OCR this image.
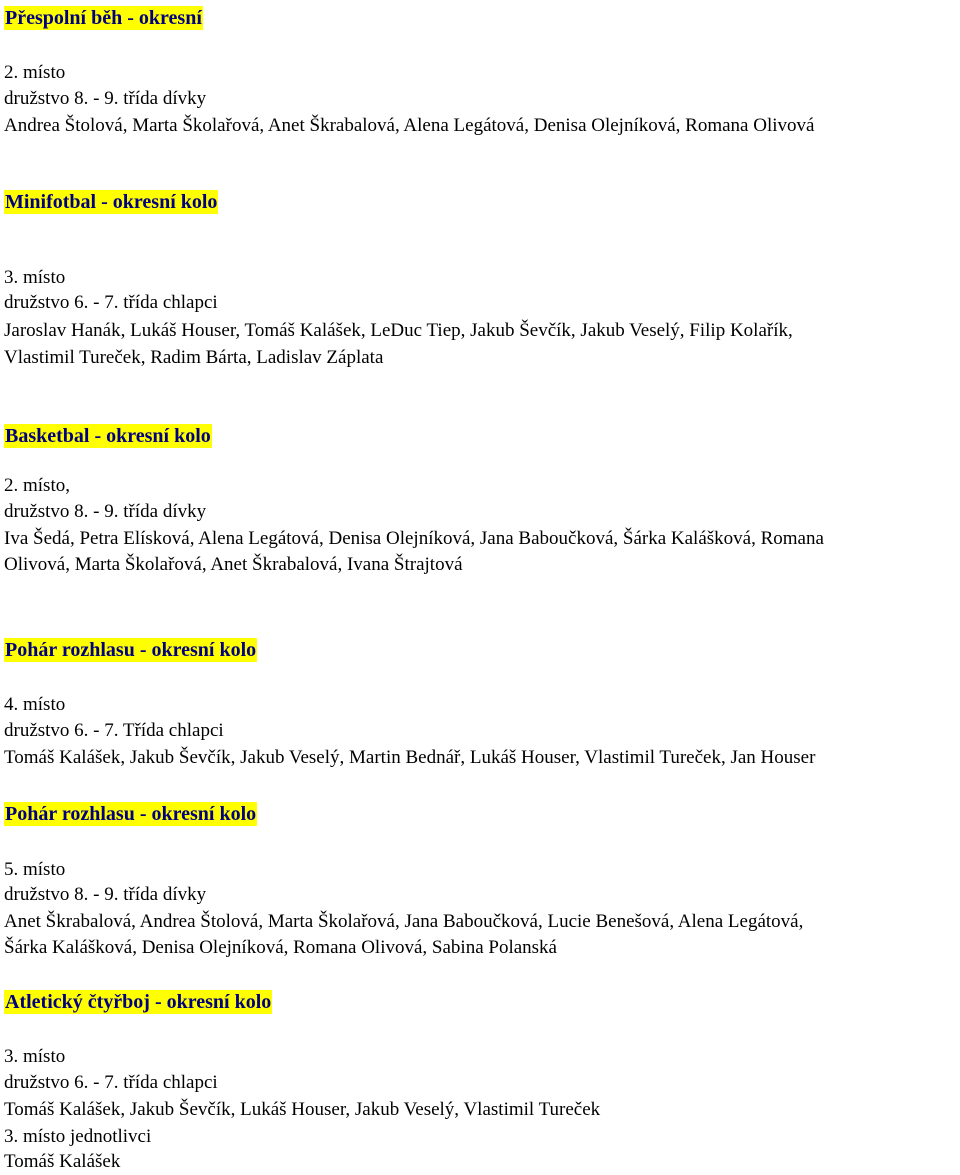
Přespolní běh - okresní
2. místo
družstvo 8. - 9. třída dívky
Andrea Štolová, Marta Školařová, Anet Škrabalová, Alena Legátová, Denisa Olejníková, Romana Olivová
Minifotbal - okresní kolo
3. místo
družstvo 6. - 7. třída chlapci
Jaroslav Hanák, Lukáš Houser, Tomáš Kalášek, LeDuc Tiep, Jakub Ševčík, Jakub Veselý, Filip Kolařík,
Vlastimil Tureček, Radim Bárta, Ladislav Záplata
Basketbal - okresní kolo
2. místo,
družstvo 8. - 9. třída dívky
Iva Šedá, Petra Elísková, Alena Legátová, Denisa Olejníková, Jana Baboučková, Šárka Kalášková, Romana
Olivová, Marta Školařová, Anet Škrabalová, Ivana Štrajtová
Pohár rozhlasu - okresní kolo
4. místo
družstvo 6. - 7. Třída chlapci
Tomáš Kalášek, Jakub Ševčík, Jakub Veselý, Martin Bednář, Lukáš Houser, Vlastimil Tureček, Jan Houser
Pohár rozhlasu - okresní kolo
5. místo
družstvo 8. - 9. třída dívky
Anet Škrabalová, Andrea Štolová, Marta Školařová, Jana Baboučková, Lucie Benešová, Alena Legátová,
Šárka Kalášková, Denisa Olejníková, Romana Olivová, Sabina Polanská
Atletický čtyřboj - okresní kolo
3. místo
družstvo 6. - 7. třída chlapci
Tomáš Kalášek, Jakub Ševčík, Lukáš Houser, Jakub Veselý, Vlastimil Tureček
3. místo jednotlivci
Tomáš Kalášek
